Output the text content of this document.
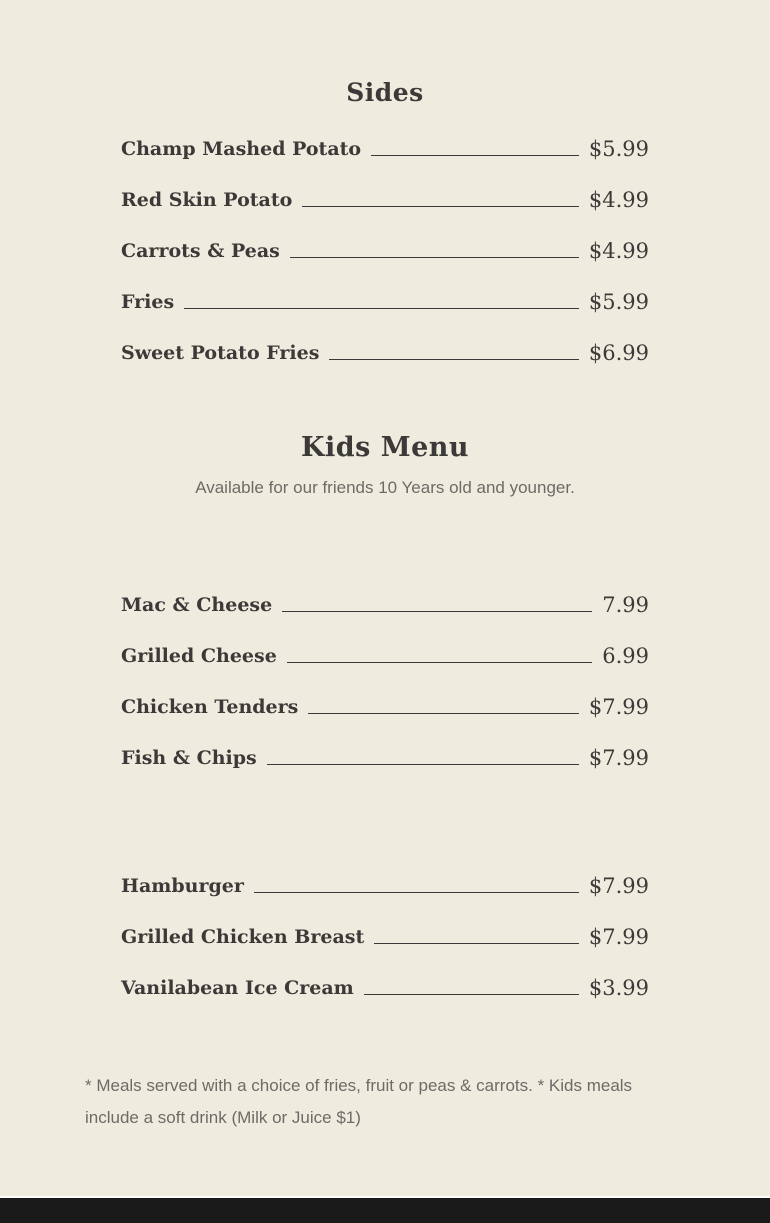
Sides
Champ Mashed Potato	$5.99
Red Skin Potato	$4.99
Carrots & Peas	$4.99
Fries	$5.99
Sweet Potato Fries	$6.99
Kids Menu
Available for our friends 10 Years old and younger.
Mac & Cheese	7.99
Grilled Cheese	6.99
Chicken Tenders	$7.99
Fish & Chips	$7.99
Hamburger	$7.99
Grilled Chicken Breast	$7.99
Vanilabean Ice Cream	$3.99
* Meals served with a choice of fries, fruit or peas & carrots. * Kids meals include a soft drink (Milk or Juice $1)
